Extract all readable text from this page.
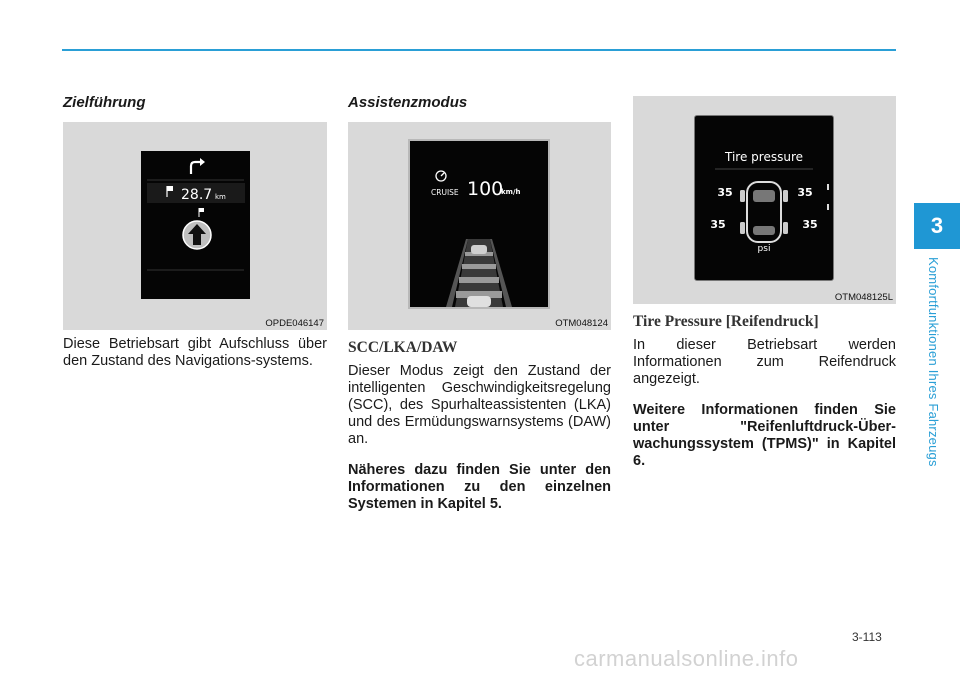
Zielführung
28.7 km
OPDE046147

Diese Betriebsart gibt Aufschluss über den Zustand des Navigations-systems.

Assistenzmodus
CRUISE 100
km/h
OTM048124
SCC/LKA/DAW

Dieser Modus zeigt den Zustand der intelligenten Geschwindigkeitsregelung (SCC), des Spurhalteassistenten (LKA) und des Ermüdungswarnsystems (DAW) an.

Näheres dazu finden Sie unter den Informationen zu den einzelnen Systemen in Kapitel 5.

Tire pressure
35	35
35	35
psi
OTM048125L
Tire Pressure [Reifendruck]

In dieser Betriebsart werden Informationen zum Reifendruck angezeigt.

Weitere Informationen finden Sie unter "Reifenluftdruck-Über-wachungssystem (TPMS)" in Kapitel 6.

3
Komfortfunktionen Ihres Fahrzeugs
3-113
carmanualsonline.info
